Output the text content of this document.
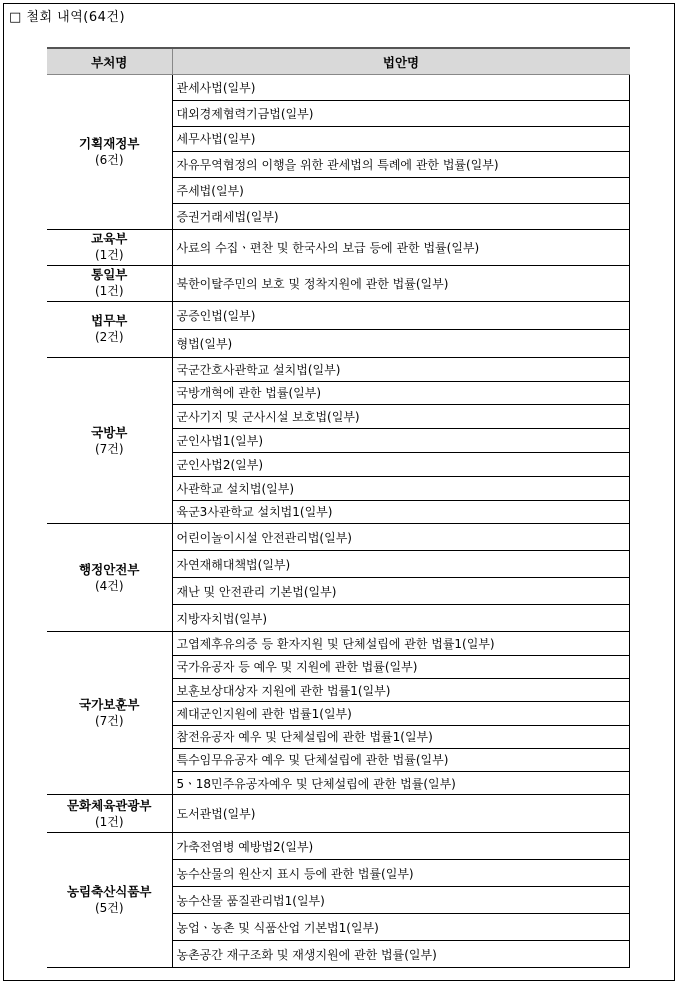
□ 철회 내역(64건)
부처명	법안명

기획재정부
(6건)	관세사법(일부)
	대외경제협력기금법(일부)
	세무사법(일부)
	자유무역협정의 이행을 위한 관세법의 특례에 관한 법률(일부)
	주세법(일부)
	증권거래세법(일부)

교육부
(1건)	사료의 수집ㆍ편찬 및 한국사의 보급 등에 관한 법률(일부)

통일부
(1건)	북한이탈주민의 보호 및 정착지원에 관한 법률(일부)

법무부
(2건)	공증인법(일부)
	형법(일부)

국방부
(7건)	국군간호사관학교 설치법(일부)
	국방개혁에 관한 법률(일부)
	군사기지 및 군사시설 보호법(일부)
	군인사법1(일부)
	군인사법2(일부)
	사관학교 설치법(일부)
	육군3사관학교 설치법1(일부)

행정안전부
(4건)	어린이놀이시설 안전관리법(일부)
	자연재해대책법(일부)
	재난 및 안전관리 기본법(일부)
	지방자치법(일부)

국가보훈부
(7건)	고엽제후유의증 등 환자지원 및 단체설립에 관한 법률1(일부)
	국가유공자 등 예우 및 지원에 관한 법률(일부)
	보훈보상대상자 지원에 관한 법률1(일부)
	제대군인지원에 관한 법률1(일부)
	참전유공자 예우 및 단체설립에 관한 법률1(일부)
	특수임무유공자 예우 및 단체설립에 관한 법률(일부)
	5ㆍ18민주유공자예우 및 단체설립에 관한 법률(일부)

문화체육관광부
(1건)	도서관법(일부)

농림축산식품부
(5건)	가축전염병 예방법2(일부)
	농수산물의 원산지 표시 등에 관한 법률(일부)
	농수산물 품질관리법1(일부)
	농업ㆍ농촌 및 식품산업 기본법1(일부)
	농촌공간 재구조화 및 재생지원에 관한 법률(일부)
